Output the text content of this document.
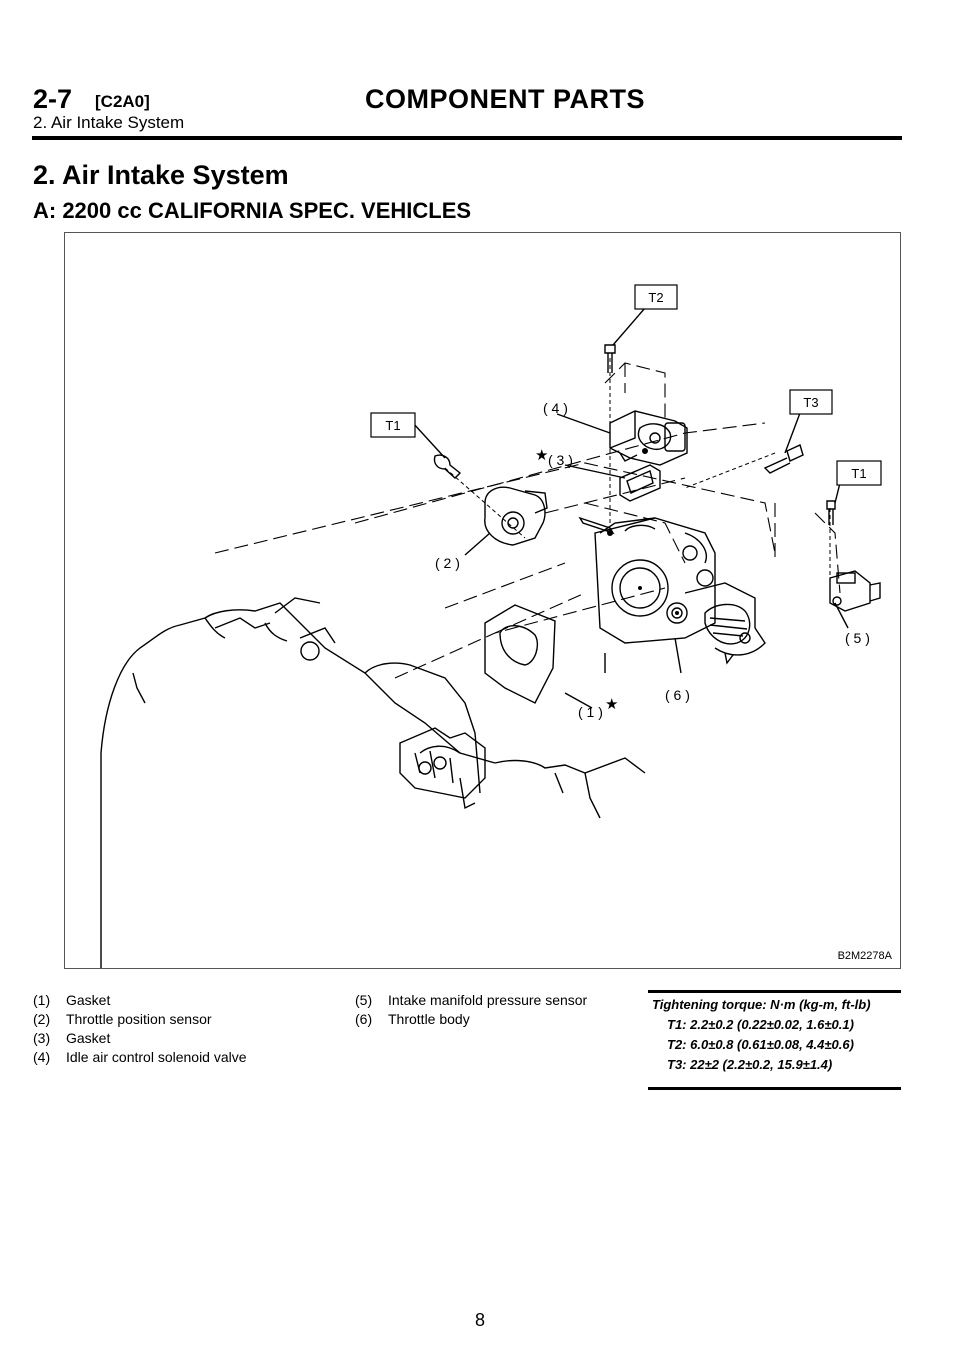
2-7 [C2A0]	COMPONENT PARTS
2. Air Intake System
2. Air Intake System
A: 2200 cc CALIFORNIA SPEC. VEHICLES
T1
T2
T3
T1
( 4 )
( 3 )
( 2 )
( 5 )
( 6 )
( 1 )
★
★
B2M2278A
(1) Gasket
(2) Throttle position sensor
(3) Gasket
(4) Idle air control solenoid valve
(5) Intake manifold pressure sensor
(6) Throttle body
Tightening torque: N·m (kg-m, ft-lb)
T1: 2.2±0.2 (0.22±0.02, 1.6±0.1)
T2: 6.0±0.8 (0.61±0.08, 4.4±0.6)
T3: 22±2 (2.2±0.2, 15.9±1.4)
8
